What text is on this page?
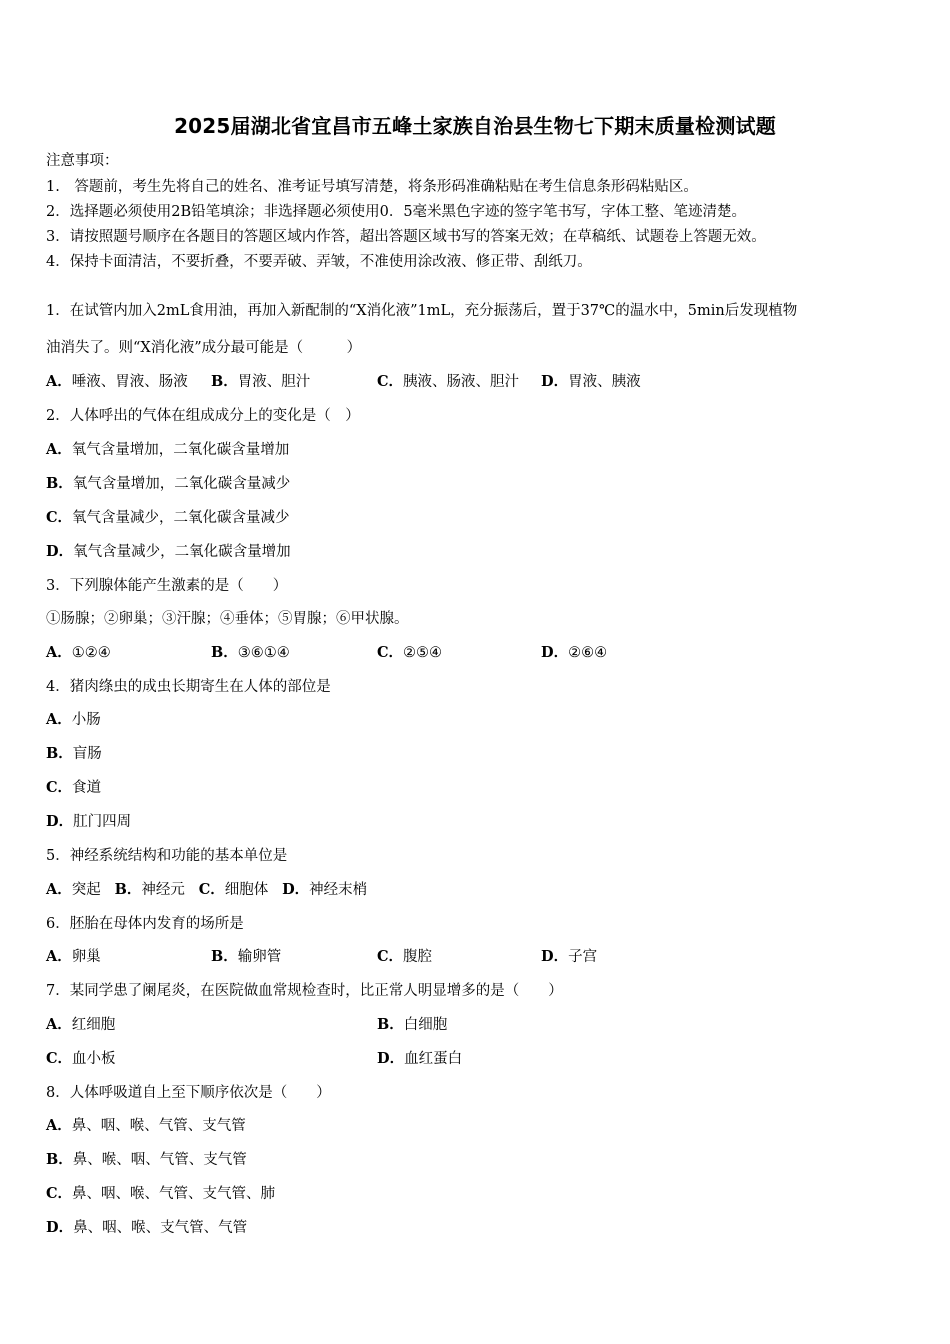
2025届湖北省宜昌市五峰土家族自治县生物七下期末质量检测试题
注意事项：
1.　答题前，考生先将自己的姓名、准考证号填写清楚，将条形码准确粘贴在考生信息条形码粘贴区。
2．选择题必须使用2B铅笔填涂；非选择题必须使用0．5毫米黑色字迹的签字笔书写，字体工整、笔迹清楚。
3．请按照题号顺序在各题目的答题区域内作答，超出答题区域书写的答案无效；在草稿纸、试题卷上答题无效。
4．保持卡面清洁，不要折叠，不要弄破、弄皱，不准使用涂改液、修正带、刮纸刀。
1．在试管内加入2mL食用油，再加入新配制的“X消化液”1mL，充分振荡后，置于37℃的温水中，5min后发现植物
油消失了。则“X消化液”成分最可能是（　　　）
A．唾液、胃液、肠液 B．胃液、胆汁	C．胰液、肠液、胆汁 D．胃液、胰液
2．人体呼出的气体在组成成分上的变化是（　）
A．氧气含量增加，二氧化碳含量增加
B．氧气含量增加，二氧化碳含量减少
C．氧气含量减少，二氧化碳含量减少
D．氧气含量减少，二氧化碳含量增加
3．下列腺体能产生激素的是（　　）
①肠腺；②卵巢；③汗腺；④垂体；⑤胃腺；⑥甲状腺。
A．①②④	B．③⑥①④	C．②⑤④	D．②⑥④
4．猪肉绦虫的成虫长期寄生在人体的部位是
A．小肠
B．盲肠
C．食道
D．肛门四周
5．神经系统结构和功能的基本单位是
A．突起 B．神经元 C．细胞体 D．神经末梢
6．胚胎在母体内发育的场所是
A．卵巢	B．输卵管	C．腹腔	D．子宫
7．某同学患了阑尾炎，在医院做血常规检查时，比正常人明显增多的是（　　）
A．红细胞	B．白细胞
C．血小板	D．血红蛋白
8．人体呼吸道自上至下顺序依次是（　　）
A．鼻、咽、喉、气管、支气管
B．鼻、喉、咽、气管、支气管
C．鼻、咽、喉、气管、支气管、肺
D．鼻、咽、喉、支气管、气管
